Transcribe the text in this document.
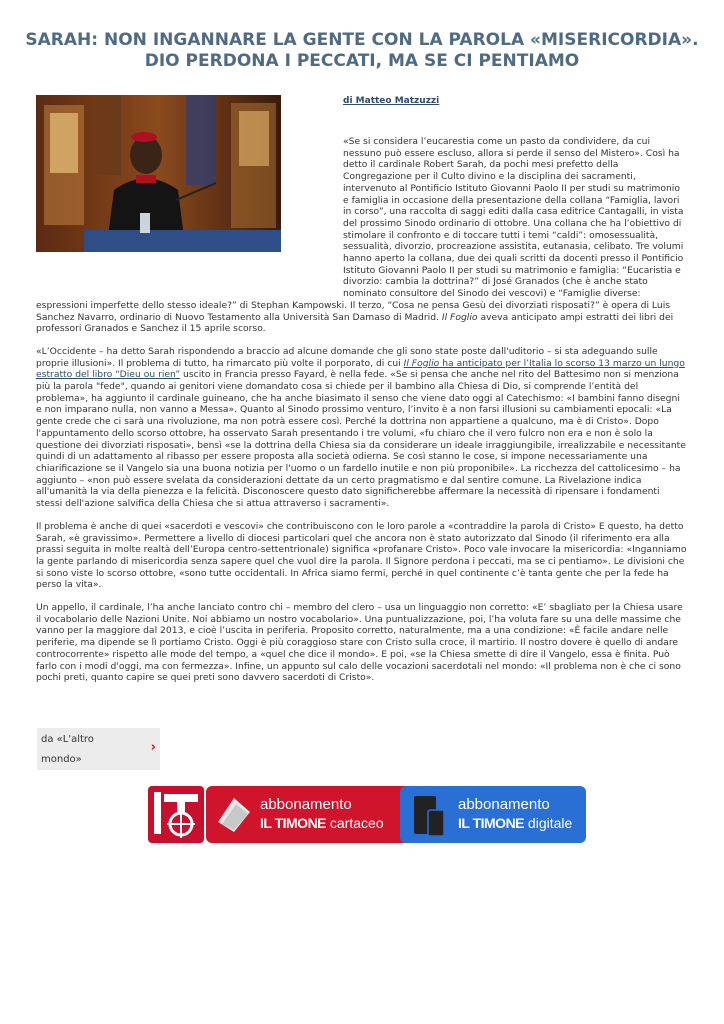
SARAH: NON INGANNARE LA GENTE CON LA PAROLA «MISERICORDIA».
DIO PERDONA I PECCATI, MA SE CI PENTIAMO
di Matteo Matzuzzi

«Se si considera l’eucarestia come un pasto da condividere, da cui nessuno può essere escluso, allora si perde il senso del Mistero». Così ha detto il cardinale Robert Sarah, da pochi mesi prefetto della Congregazione per il Culto divino e la disciplina dei sacramenti, intervenuto al Pontificio Istituto Giovanni Paolo II per studi su matrimonio e famiglia in occasione della presentazione della collana “Famiglia, lavori in corso”, una raccolta di saggi editi dalla casa editrice Cantagalli, in vista del prossimo Sinodo ordinario di ottobre. Una collana che ha l’obiettivo di stimolare il confronto e di toccare tutti i temi “caldi”: omosessualità, sessualità, divorzio, procreazione assistita, eutanasia, celibato. Tre volumi hanno aperto la collana, due dei quali scritti da docenti presso il Pontificio Istituto Giovanni Paolo II per studi su matrimonio e famiglia: “Eucaristia e divorzio: cambia la dottrina?” di José Granados (che è anche stato nominato consultore del Sinodo dei vescovi) e “Famiglie diverse: espressioni imperfette dello stesso ideale?” di Stephan Kampowski. Il terzo, “Cosa ne pensa Gesù dei divorziati risposati?” è opera di Luis Sanchez Navarro, ordinario di Nuovo Testamento alla Università San Damaso di Madrid. Il Foglio aveva anticipato ampi estratti dei libri dei professori Granados e Sanchez il 15 aprile scorso.

«L’Occidente – ha detto Sarah rispondendo a braccio ad alcune domande che gli sono state poste dall'uditorio – si sta adeguando sulle proprie illusioni». Il problema di tutto, ha rimarcato più volte il porporato, di cui Il Foglio ha anticipato per l’Italia lo scorso 13 marzo un lungo estratto del libro “Dieu ou rien” uscito in Francia presso Fayard, è nella fede. «Se si pensa che anche nel rito del Battesimo non si menziona più la parola "fede", quando ai genitori viene domandato cosa si chiede per il bambino alla Chiesa di Dio, si comprende l’entità del problema», ha aggiunto il cardinale guineano, che ha anche biasimato il senso che viene dato oggi al Catechismo: «I bambini fanno disegni e non imparano nulla, non vanno a Messa». Quanto al Sinodo prossimo venturo, l’invito è a non farsi illusioni su cambiamenti epocali: «La gente crede che ci sarà una rivoluzione, ma non potrà essere così. Perché la dottrina non appartiene a qualcuno, ma è di Cristo». Dopo l'appuntamento dello scorso ottobre, ha osservato Sarah presentando i tre volumi, «fu chiaro che il vero fulcro non era e non è solo la questione dei divorziati risposati», bensì «se la dottrina della Chiesa sia da considerare un ideale irraggiungibile, irrealizzabile e necessitante quindi di un adattamento al ribasso per essere proposta alla società odierna. Se così stanno le cose, si impone necessariamente una chiarificazione se il Vangelo sia una buona notizia per l'uomo o un fardello inutile e non più proponibile». La ricchezza del cattolicesimo – ha aggiunto – «non può essere svelata da considerazioni dettate da un certo pragmatismo e dal sentire comune. La Rivelazione indica all'umanità la via della pienezza e la felicità. Disconoscere questo dato significherebbe affermare la necessità di ripensare i fondamenti stessi dell'azione salvifica della Chiesa che si attua attraverso i sacramenti».

Il problema è anche di quei «sacerdoti e vescovi» che contribuiscono con le loro parole a «contraddire la parola di Cristo» E questo, ha detto Sarah, «è gravissimo». Permettere a livello di diocesi particolari quel che ancora non è stato autorizzato dal Sinodo (il riferimento era alla prassi seguita in molte realtà dell’Europa centro-settentrionale) significa «profanare Cristo». Poco vale invocare la misericordia: «Inganniamo la gente parlando di misericordia senza sapere quel che vuol dire la parola. Il Signore perdona i peccati, ma se ci pentiamo». Le divisioni che si sono viste lo scorso ottobre, «sono tutte occidentali. In Africa siamo fermi, perché in quel continente c’è tanta gente che per la fede ha perso la vita».

Un appello, il cardinale, l’ha anche lanciato contro chi – membro del clero – usa un linguaggio non corretto: «E’ sbagliato per la Chiesa usare il vocabolario delle Nazioni Unite. Noi abbiamo un nostro vocabolario». Una puntualizzazione, poi, l’ha voluta fare su una delle massime che vanno per la maggiore dal 2013, e cioè l’uscita in periferia. Proposito corretto, naturalmente, ma a una condizione: «È facile andare nelle periferie, ma dipende se lì portiamo Cristo. Oggi è più coraggioso stare con Cristo sulla croce, il martirio. Il nostro dovere è quello di andare controcorrente» rispetto alle mode del tempo, a «quel che dice il mondo». E poi, «se la Chiesa smette di dire il Vangelo, essa è finita. Può farlo con i modi d'oggi, ma con fermezza». Infine, un appunto sul calo delle vocazioni sacerdotali nel mondo: «Il problema non è che ci sono pochi preti, quanto capire se quei preti sono davvero sacerdoti di Cristo».

da «L'altro mondo»
›
abbonamento
IL TIMONE cartaceo
abbonamento
IL TIMONE digitale
